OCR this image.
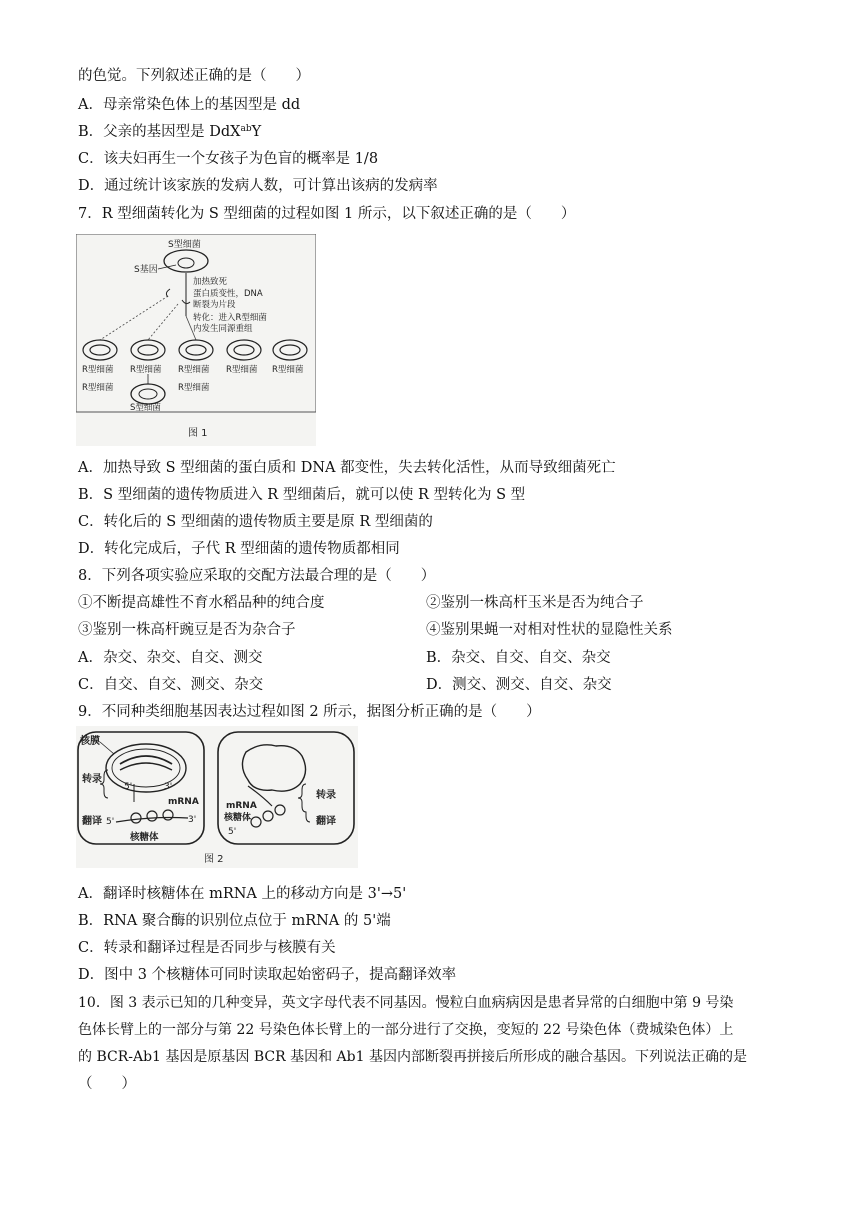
的色觉。下列叙述正确的是（　　）
A．母亲常染色体上的基因型是 dd
B．父亲的基因型是 DdX$^{ab}$Y
C．该夫妇再生一个女孩子为色盲的概率是 1/8
D．通过统计该家族的发病人数，可计算出该病的发病率
7．R 型细菌转化为 S 型细菌的过程如图 1 所示，以下叙述正确的是（　　）
S型细菌
S基因
加热致死
蛋白质变性，DNA
断裂为片段
转化：进入R型细菌
内发生同源重组
R型细菌 R型细菌 R型细菌 R型细菌 R型细菌
R型细菌	R型细菌
S型细菌
图 1
A．加热导致 S 型细菌的蛋白质和 DNA 都变性，失去转化活性，从而导致细菌死亡
B．S 型细菌的遗传物质进入 R 型细菌后，就可以使 R 型转化为 S 型
C．转化后的 S 型细菌的遗传物质主要是原 R 型细菌的
D．转化完成后，子代 R 型细菌的遗传物质都相同
8．下列各项实验应采取的交配方法最合理的是（　　）
①不断提高雄性不育水稻品种的纯合度	②鉴别一株高杆玉米是否为纯合子
③鉴别一株高杆豌豆是否为杂合子	④鉴别果蝇一对相对性状的显隐性关系
A．杂交、杂交、自交、测交	B．杂交、自交、自交、杂交
C．自交、自交、测交、杂交	D．测交、测交、自交、杂交
9．不同种类细胞基因表达过程如图 2 所示，据图分析正确的是（　　）
核膜
转录
翻译
5'	3'
5'	3'
mRNA
核糖体
mRNA
核糖体
5'
转录
翻译
图 2
A．翻译时核糖体在 mRNA 上的移动方向是 3'→5'
B．RNA 聚合酶的识别位点位于 mRNA 的 5'端
C．转录和翻译过程是否同步与核膜有关
D．图中 3 个核糖体可同时读取起始密码子，提高翻译效率
10．图 3 表示已知的几种变异，英文字母代表不同基因。慢粒白血病病因是患者异常的白细胞中第 9 号染
色体长臂上的一部分与第 22 号染色体长臂上的一部分进行了交换，变短的 22 号染色体（费城染色体）上
的 BCR-Ab1 基因是原基因 BCR 基因和 Ab1 基因内部断裂再拼接后所形成的融合基因。下列说法正确的是
（　　）
